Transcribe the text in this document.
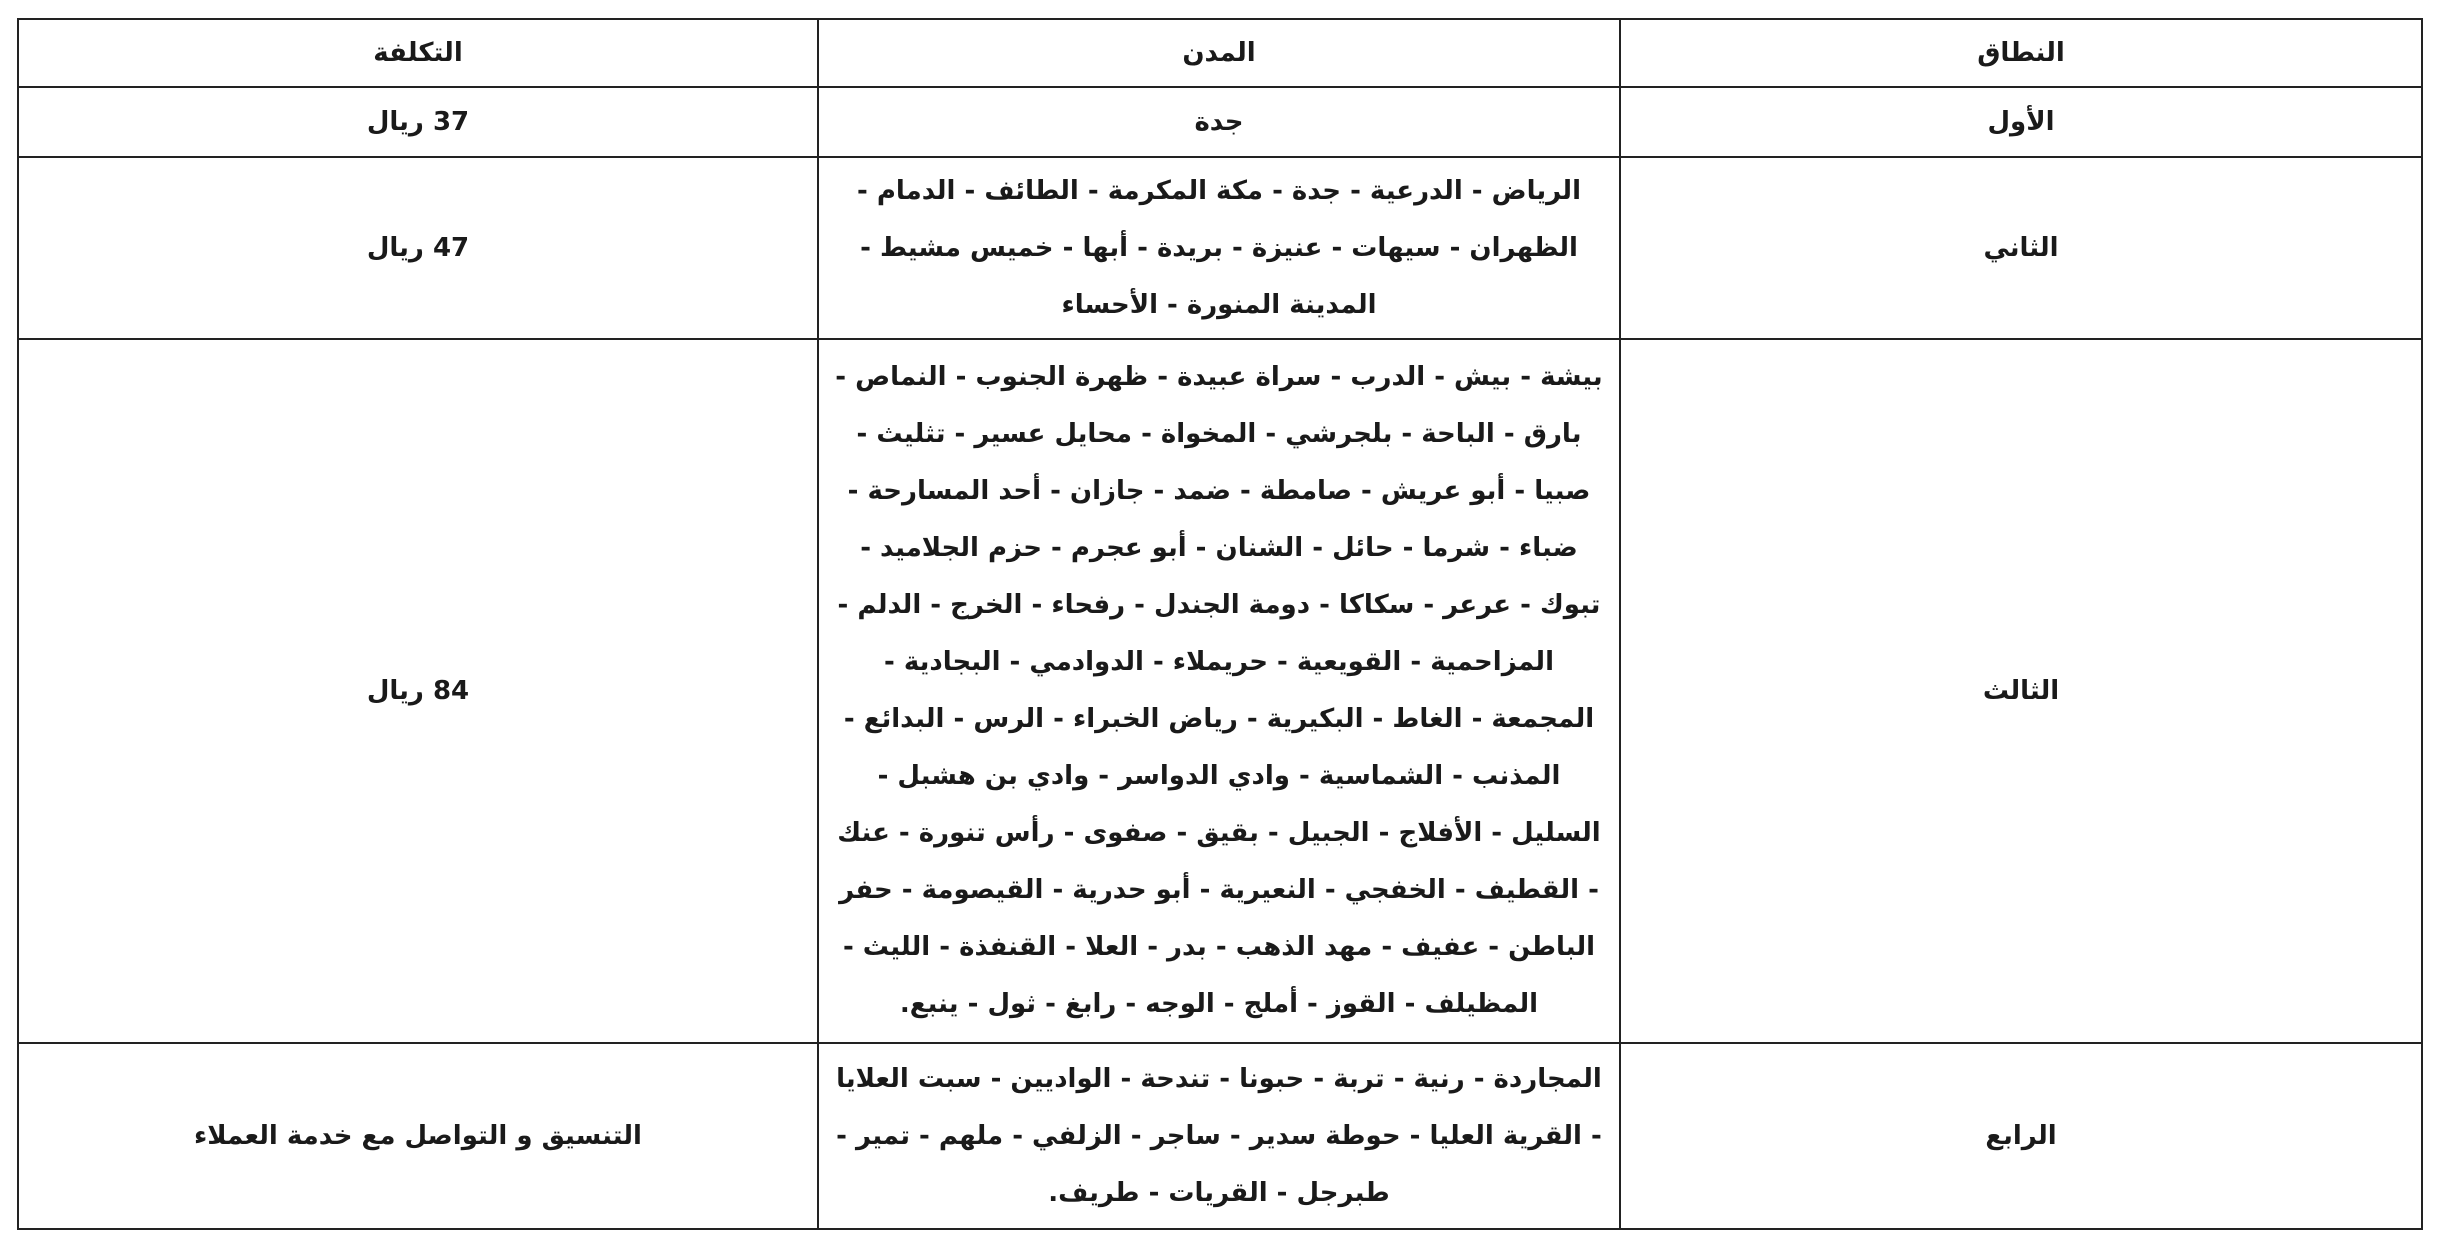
النطاق	المدن	التكلفة
الأول	جدة	37 ريال
الثاني	الرياض - الدرعية - جدة - مكة المكرمة - الطائف - الدمام - الظهران - سيهات - عنيزة - بريدة - أبها - خميس مشيط - المدينة المنورة - الأحساء	47 ريال
الثالث	بيشة - بيش - الدرب - سراة عبيدة - ظهرة الجنوب - النماص - بارق - الباحة - بلجرشي - المخواة - محايل عسير - تثليث - صبيا - أبو عريش - صامطة - ضمد - جازان - أحد المسارحة - ضباء - شرما - حائل - الشنان - أبو عجرم - حزم الجلاميد - تبوك - عرعر - سكاكا - دومة الجندل - رفحاء - الخرج - الدلم - المزاحمية - القويعية - حريملاء - الدوادمي - البجادية - المجمعة - الغاط - البكيرية - رياض الخبراء - الرس - البدائع - المذنب - الشماسية - وادي الدواسر - وادي بن هشبل - السليل - الأفلاج - الجبيل - بقيق - صفوى - رأس تنورة - عنك - القطيف - الخفجي - النعيرية - أبو حدرية - القيصومة - حفر الباطن - عفيف - مهد الذهب - بدر - العلا - القنفذة - الليث - المظيلف - القوز - أملج - الوجه - رابغ - ثول - ينبع.	84 ريال
الرابع	المجاردة - رنية - تربة - حبونا - تندحة - الواديين - سبت العلايا - القرية العليا - حوطة سدير - ساجر - الزلفي - ملهم - تمير - طبرجل - القريات - طريف.	التنسيق و التواصل مع خدمة العملاء
